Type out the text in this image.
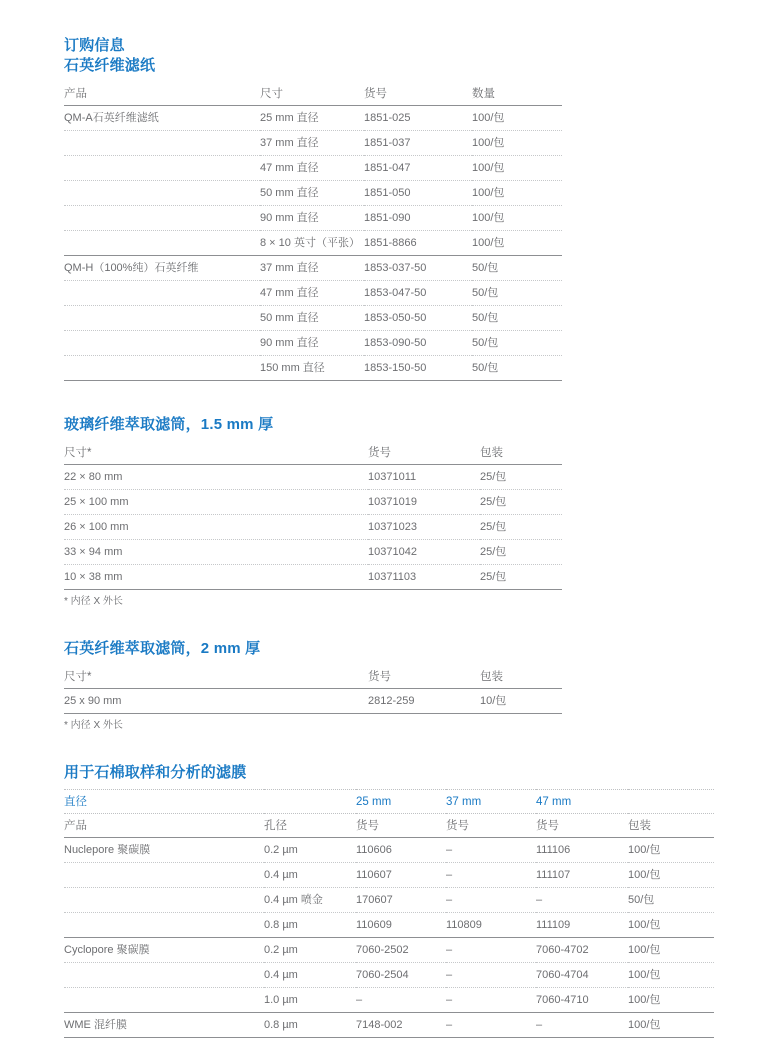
订购信息
石英纤维滤纸
产品	尺寸	货号	数量
QM-A石英纤维滤纸	25 mm 直径	1851-025	100/包
	37 mm 直径	1851-037	100/包
	47 mm 直径	1851-047	100/包
	50 mm 直径	1851-050	100/包
	90 mm 直径	1851-090	100/包
	8 × 10 英寸（平张）	1851-8866	100/包
QM-H（100%纯）石英纤维	37 mm 直径	1853-037-50	50/包
	47 mm 直径	1853-047-50	50/包
	50 mm 直径	1853-050-50	50/包
	90 mm 直径	1853-090-50	50/包
	150 mm 直径	1853-150-50	50/包
玻璃纤维萃取滤筒，1.5 mm 厚
尺寸*	货号	包装
22 × 80 mm	10371011	25/包
25 × 100 mm	10371019	25/包
26 × 100 mm	10371023	25/包
33 × 94 mm	10371042	25/包
10 × 38 mm	10371103	25/包
* 内径 X 外长
石英纤维萃取滤筒，2 mm 厚
尺寸*	货号	包装
25 x 90 mm	2812-259	10/包
* 内径 X 外长
用于石棉取样和分析的滤膜
直径		25 mm	37 mm	47 mm	
产品	孔径	货号	货号	货号	包装
Nuclepore 聚碳膜	0.2 µm	110606	–	111106	100/包
	0.4 µm	110607	–	111107	100/包
	0.4 µm 喷金	170607	–	–	50/包
	0.8 µm	110609	110809	111109	100/包
Cyclopore 聚碳膜	0.2 µm	7060-2502	–	7060-4702	100/包
	0.4 µm	7060-2504	–	7060-4704	100/包
	1.0 µm	–	–	7060-4710	100/包
WME 混纤膜	0.8 µm	7148-002	–	–	100/包
